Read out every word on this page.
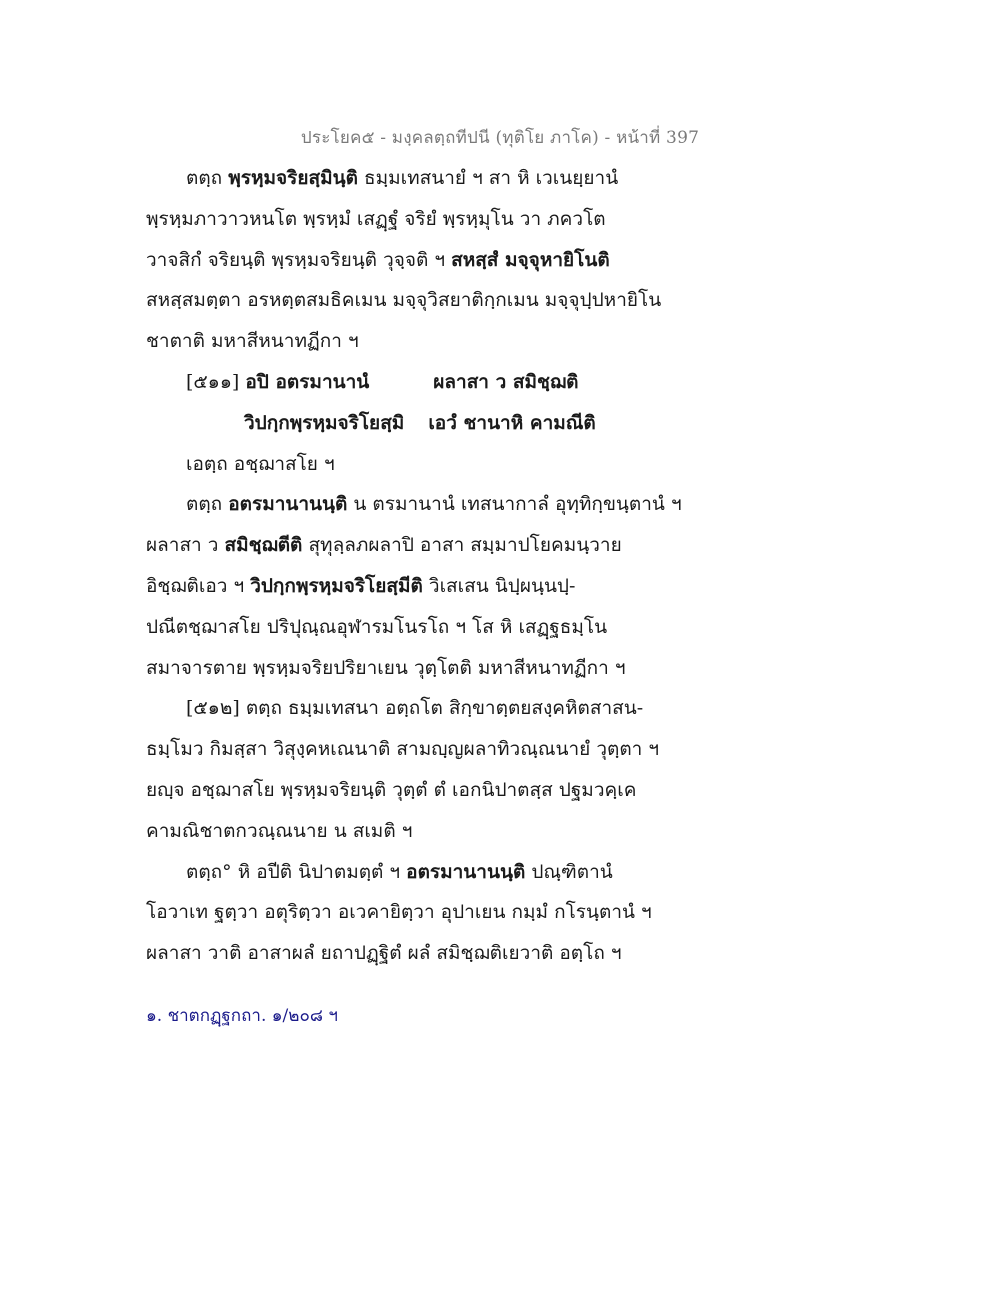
ประโยค๕ - มงฺคลตฺถทีปนี (ทุติโย ภาโค) - หน้าที่ 397
ตตฺถ พฺรหฺมจริยสฺมินฺติ ธมฺมเทสนายํ ฯ สา หิ เวเนยฺยานํ
พฺรหฺมภาวาวหนโต พฺรหฺมํ เสฏฺฐํ จริยํ พฺรหฺมุโน วา ภควโต
วาจสิกํ จริยนฺติ พฺรหฺมจริยนฺติ วุจฺจติ ฯ สหสฺสํ มจฺจุหายิโนติ
สหสฺสมตฺตา อรหตฺตสมธิคเมน มจฺจุวิสยาติกฺกเมน มจฺจุปฺปหายิโน
ชาตาติ มหาสีหนาทฏีกา ฯ
[๕๑๑] อปิ อตรมานานํ	ผลาสา ว สมิชฺฌติ
วิปกฺกพฺรหฺมจริโยสฺมิ เอวํ ชานาหิ คามณีติ
เอตฺถ อชฺฌาสโย ฯ
ตตฺถ อตรมานานนฺติ น ตรมานานํ เทสนากาลํ อุทฺทิกฺขนฺตานํ ฯ
ผลาสา ว สมิชฺฌตีติ สุทุลฺลภผลาปิ อาสา สมฺมาปโยคมนฺวาย
อิชฺฌติเอว ฯ วิปกฺกพฺรหฺมจริโยสฺมีติ วิเสเสน นิปฺผนฺนปฺ-
ปณีตชฺฌาสโย ปริปุณฺณอุฬารมโนรโถ ฯ โส หิ เสฏฺฐธมฺโน
สมาจารตาย พฺรหฺมจริยปริยาเยน วุตฺโตติ มหาสีหนาทฏีกา ฯ
[๕๑๒] ตตฺถ ธมฺมเทสนา อตฺถโต สิกฺขาตฺตยสงฺคหิตสาสน-
ธมฺโมว กิมสฺสา วิสุงฺคหเณนาติ สามญฺญผลาทิวณฺณนายํ วุตฺตา ฯ
ยญฺจ อชฺฌาสโย พฺรหฺมจริยนฺติ วุตฺตํ ตํ เอกนิปาตสฺส ปฐมวคฺเค
คามณิชาตกวณฺณนาย น สเมติ ฯ
ตตฺถ° หิ อปีติ นิปาตมตฺตํ ฯ อตรมานานนฺติ ปณฺฑิตานํ
โอวาเท ฐตฺวา อตุริตฺวา อเวคายิตฺวา อุปาเยน กมฺมํ กโรนฺตานํ ฯ
ผลาสา วาติ อาสาผลํ ยถาปฏฺฐิตํ ผลํ สมิชฺฌติเยวาติ อตฺโถ ฯ
๑. ชาตกฏฺฐกถา. ๑/๒๐๘ ฯ
